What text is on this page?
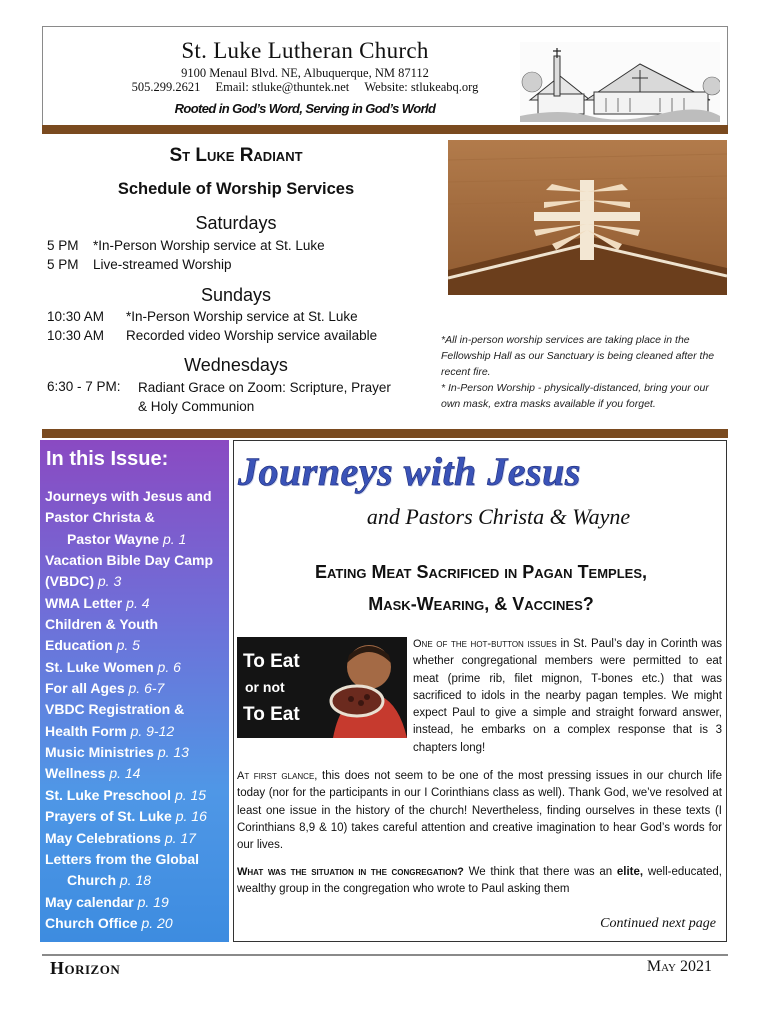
St. Luke Lutheran Church
9100 Menaul Blvd. NE, Albuquerque, NM 87112
505.299.2621 Email: stluke@thuntek.net Website: stlukeabq.org
Rooted in God’s Word, Serving in God’s World
St Luke Radiant
Schedule of Worship Services
Saturdays
5 PM *In-Person Worship service at St. Luke
5 PM Live-streamed Worship
Sundays
10:30 AM *In-Person Worship service at St. Luke
10:30 AM Recorded video Worship service available
Wednesdays
6:30 - 7 PM: Radiant Grace on Zoom: Scripture, Prayer & Holy Communion
*All in-person worship services are taking place in the Fellowship Hall as our Sanctuary is being cleaned after the recent fire.
* In-Person Worship - physically-distanced, bring your our own mask, extra masks available if you forget.
In this Issue:
Journeys with Jesus and
Pastor Christa &
Pastor Wayne p. 1
Vacation Bible Day Camp
(VBDC) p. 3
WMA Letter p. 4
Children & Youth
Education p. 5
St. Luke Women p. 6
For all Ages p. 6-7
VBDC Registration &
Health Form p. 9-12
Music Ministries p. 13
Wellness p. 14
St. Luke Preschool p. 15
Prayers of St. Luke p. 16
May Celebrations p. 17
Letters from the Global
Church p. 18
May calendar p. 19
Church Office p. 20
Journeys with Jesus
and Pastors Christa & Wayne
Eating Meat Sacrificed in Pagan Temples,
Mask-Wearing, & Vaccines?
To Eat
or not
To Eat
One of the hot-button issues in St. Paul’s day in Corinth was whether congregational members were permitted to eat meat (prime rib, filet mignon, T-bones etc.) that was sacrificed to idols in the nearby pagan temples. We might expect Paul to give a simple and straight forward answer, instead, he embarks on a complex response that is 3 chapters long!
At first glance, this does not seem to be one of the most pressing issues in our church life today (nor for the participants in our I Corinthians class as well). Thank God, we’ve resolved at least one issue in the history of the church! Nevertheless, finding ourselves in these texts (I Corinthians 8,9 & 10) takes careful attention and creative imagination to hear God’s words for our lives.
What was the situation in the congregation? We think that there was an elite, well-educated, wealthy group in the congregation who wrote to Paul asking them
Continued next page
Horizon	May 2021
